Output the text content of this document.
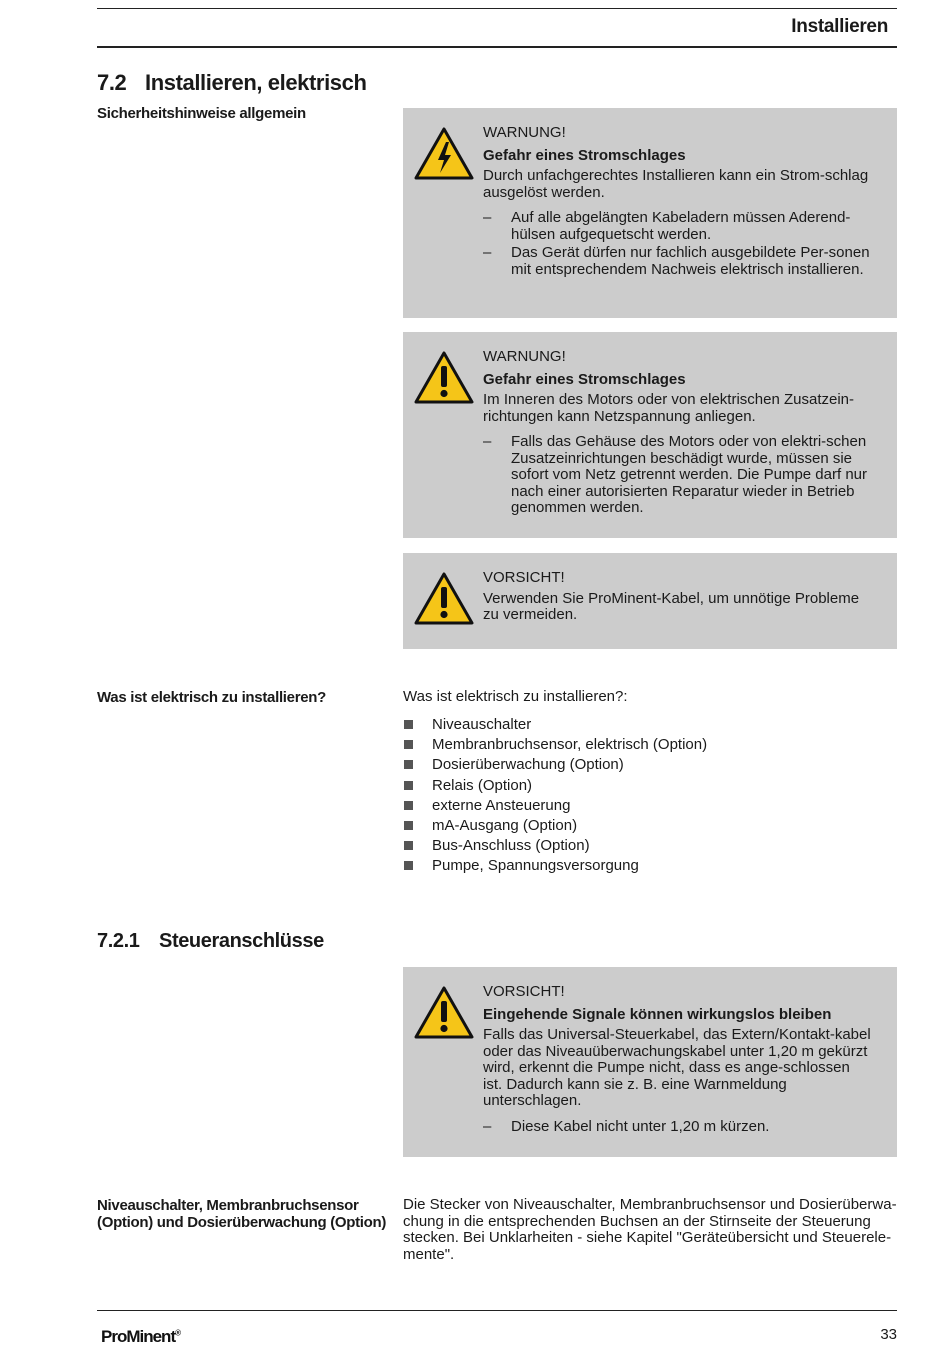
Installieren
7.2 Installieren, elektrisch
Sicherheitshinweise allgemein
WARNUNG!
Gefahr eines Stromschlages
Durch unfachgerechtes Installieren kann ein Strom-schlag ausgelöst werden.
– Auf alle abgelängten Kabeladern müssen Aderend-hülsen aufgequetscht werden.
– Das Gerät dürfen nur fachlich ausgebildete Per-sonen mit entsprechendem Nachweis elektrisch installieren.
WARNUNG!
Gefahr eines Stromschlages
Im Inneren des Motors oder von elektrischen Zusatzein-richtungen kann Netzspannung anliegen.
– Falls das Gehäuse des Motors oder von elektri-schen Zusatzeinrichtungen beschädigt wurde, müssen sie sofort vom Netz getrennt werden. Die Pumpe darf nur nach einer autorisierten Reparatur wieder in Betrieb genommen werden.
VORSICHT!
Verwenden Sie ProMinent-Kabel, um unnötige Probleme zu vermeiden.
Was ist elektrisch zu installieren?	Was ist elektrisch zu installieren?:
Niveauschalter
Membranbruchsensor, elektrisch (Option)
Dosierüberwachung (Option)
Relais (Option)
externe Ansteuerung
mA-Ausgang (Option)
Bus-Anschluss (Option)
Pumpe, Spannungsversorgung
7.2.1 Steueranschlüsse
VORSICHT!
Eingehende Signale können wirkungslos bleiben
Falls das Universal-Steuerkabel, das Extern/Kontakt-kabel oder das Niveauüberwachungskabel unter 1,20 m gekürzt wird, erkennt die Pumpe nicht, dass es ange-schlossen ist. Dadurch kann sie z. B. eine Warnmeldung unterschlagen.
– Diese Kabel nicht unter 1,20 m kürzen.
Niveauschalter, Membranbruchsensor (Option) und Dosierüberwachung (Option)
Die Stecker von Niveauschalter, Membranbruchsensor und Dosierüberwa-chung in die entsprechenden Buchsen an der Stirnseite der Steuerung stecken. Bei Unklarheiten - siehe Kapitel "Geräteübersicht und Steuerele-mente".
ProMinent®	33
